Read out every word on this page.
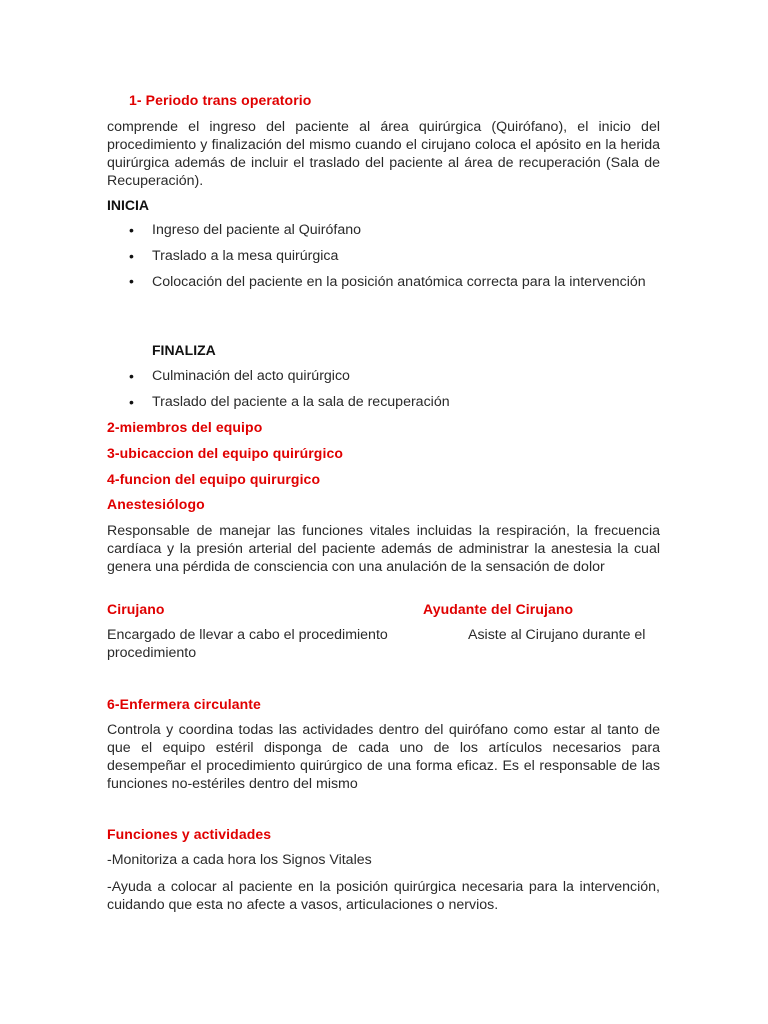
1- Periodo trans operatorio
comprende el ingreso del paciente al área quirúrgica (Quirófano), el inicio del procedimiento y finalización del mismo cuando el cirujano coloca el apósito en la herida quirúrgica además de incluir el traslado del paciente al área de recuperación (Sala de Recuperación).
INICIA
• Ingreso del paciente al Quirófano
• Traslado a la mesa quirúrgica
• Colocación del paciente en la posición anatómica correcta para la intervención
FINALIZA
• Culminación del acto quirúrgico
• Traslado del paciente a la sala de recuperación
2-miembros del equipo
3-ubicaccion del equipo quirúrgico
4-funcion del equipo quirurgico
Anestesiólogo
Responsable de manejar las funciones vitales incluidas la respiración, la frecuencia cardíaca y la presión arterial del paciente además de administrar la anestesia la cual genera una pérdida de consciencia con una anulación de la sensación de dolor
Cirujano	Ayudante del Cirujano
Encargado de llevar a cabo el procedimiento	Asiste al Cirujano durante el
procedimiento
6-Enfermera circulante
Controla y coordina todas las actividades dentro del quirófano como estar al tanto de que el equipo estéril disponga de cada uno de los artículos necesarios para desempeñar el procedimiento quirúrgico de una forma eficaz. Es el responsable de las funciones no-estériles dentro del mismo
Funciones y actividades
-Monitoriza a cada hora los Signos Vitales
-Ayuda a colocar al paciente en la posición quirúrgica necesaria para la intervención, cuidando que esta no afecte a vasos, articulaciones o nervios.
